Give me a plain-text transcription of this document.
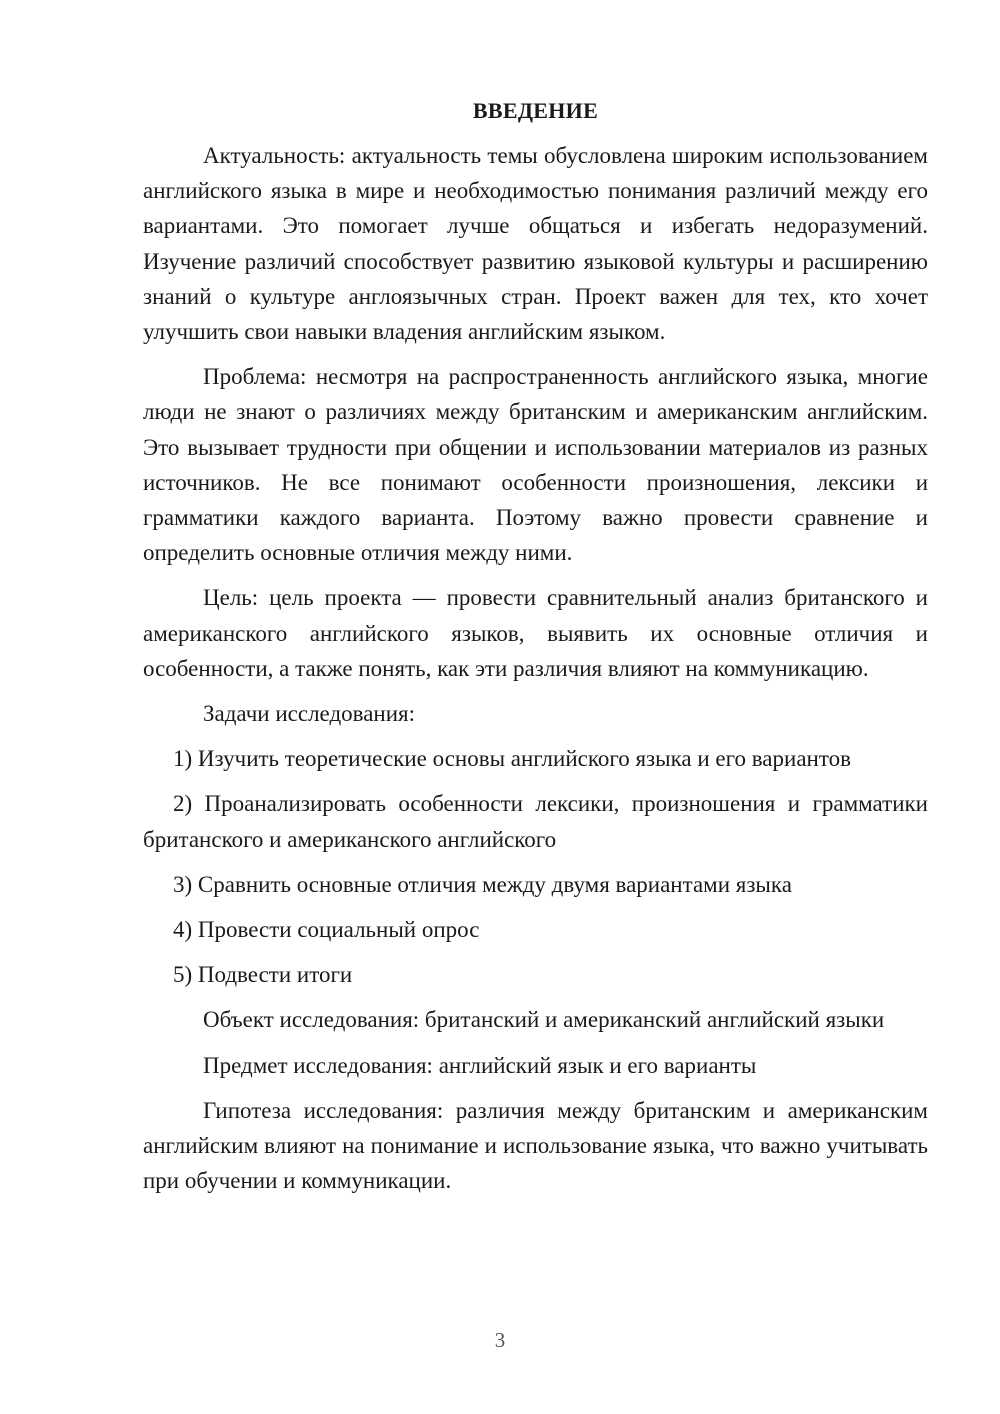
ВВЕДЕНИЕ

Актуальность: актуальность темы обусловлена широким использованием английского языка в мире и необходимостью понимания различий между его вариантами. Это помогает лучше общаться и избегать недоразумений. Изучение различий способствует развитию языковой культуры и расширению знаний о культуре англоязычных стран. Проект важен для тех, кто хочет улучшить свои навыки владения английским языком.

Проблема: несмотря на распространенность английского языка, многие люди не знают о различиях между британским и американским английским. Это вызывает трудности при общении и использовании материалов из разных источников. Не все понимают особенности произношения, лексики и грамматики каждого варианта. Поэтому важно провести сравнение и определить основные отличия между ними.

Цель: цель проекта — провести сравнительный анализ британского и американского английского языков, выявить их основные отличия и особенности, а также понять, как эти различия влияют на коммуникацию.

Задачи исследования:

1) Изучить теоретические основы английского языка и его вариантов

2) Проанализировать особенности лексики, произношения и грамматики британского и американского английского

3) Сравнить основные отличия между двумя вариантами языка

4) Провести социальный опрос

5) Подвести итоги

Объект исследования: британский и американский английский языки

Предмет исследования: английский язык и его варианты

Гипотеза исследования: различия между британским и американским английским влияют на понимание и использование языка, что важно учитывать при обучении и коммуникации.

3
